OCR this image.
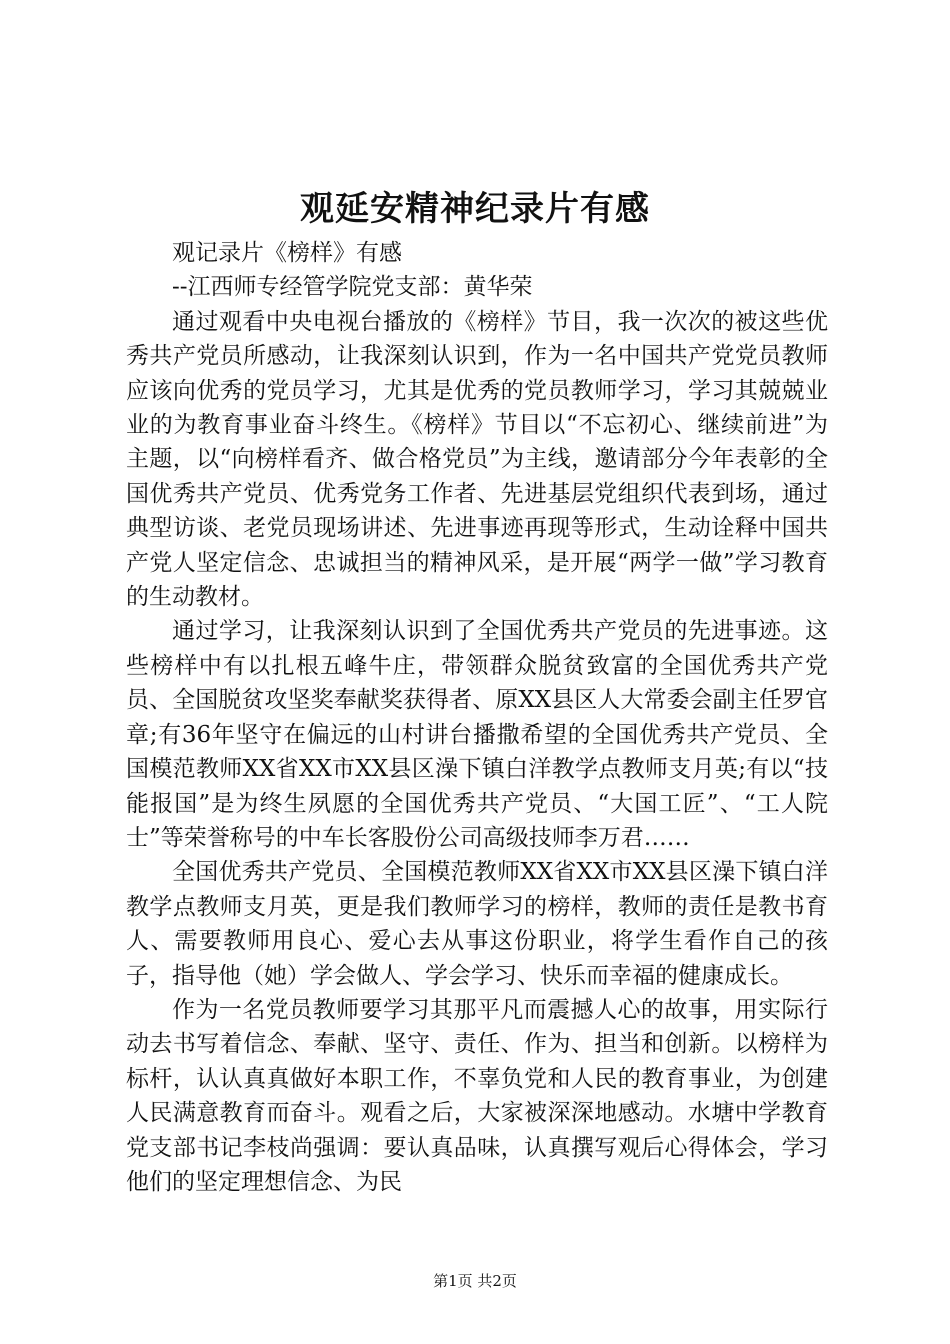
观延安精神纪录片有感

观记录片《榜样》有感

--江西师专经管学院党支部：黄华荣

通过观看中央电视台播放的《榜样》节目，我一次次的被这些优秀共产党员所感动，让我深刻认识到，作为一名中国共产党党员教师应该向优秀的党员学习，尤其是优秀的党员教师学习，学习其兢兢业业的为教育事业奋斗终生。《榜样》节目以“不忘初心、继续前进”为主题，以“向榜样看齐、做合格党员”为主线，邀请部分今年表彰的全国优秀共产党员、优秀党务工作者、先进基层党组织代表到场，通过典型访谈、老党员现场讲述、先进事迹再现等形式，生动诠释中国共产党人坚定信念、忠诚担当的精神风采，是开展“两学一做”学习教育的生动教材。

通过学习，让我深刻认识到了全国优秀共产党员的先进事迹。这些榜样中有以扎根五峰牛庄，带领群众脱贫致富的全国优秀共产党员、全国脱贫攻坚奖奉献奖获得者、原XX县区人大常委会副主任罗官章;有36年坚守在偏远的山村讲台播撒希望的全国优秀共产党员、全国模范教师XX省XX市XX县区澡下镇白洋教学点教师支月英;有以“技能报国”是为终生夙愿的全国优秀共产党员、“大国工匠”、“工人院士”等荣誉称号的中车长客股份公司高级技师李万君……

全国优秀共产党员、全国模范教师XX省XX市XX县区澡下镇白洋教学点教师支月英，更是我们教师学习的榜样，教师的责任是教书育人、需要教师用良心、爱心去从事这份职业，将学生看作自己的孩子，指导他（她）学会做人、学会学习、快乐而幸福的健康成长。

作为一名党员教师要学习其那平凡而震撼人心的故事，用实际行动去书写着信念、奉献、坚守、责任、作为、担当和创新。以榜样为标杆，认认真真做好本职工作，不辜负党和人民的教育事业，为创建人民满意教育而奋斗。观看之后，大家被深深地感动。水塘中学教育党支部书记李枝尚强调：要认真品味，认真撰写观后心得体会，学习他们的坚定理想信念、为民

第1页 共2页
